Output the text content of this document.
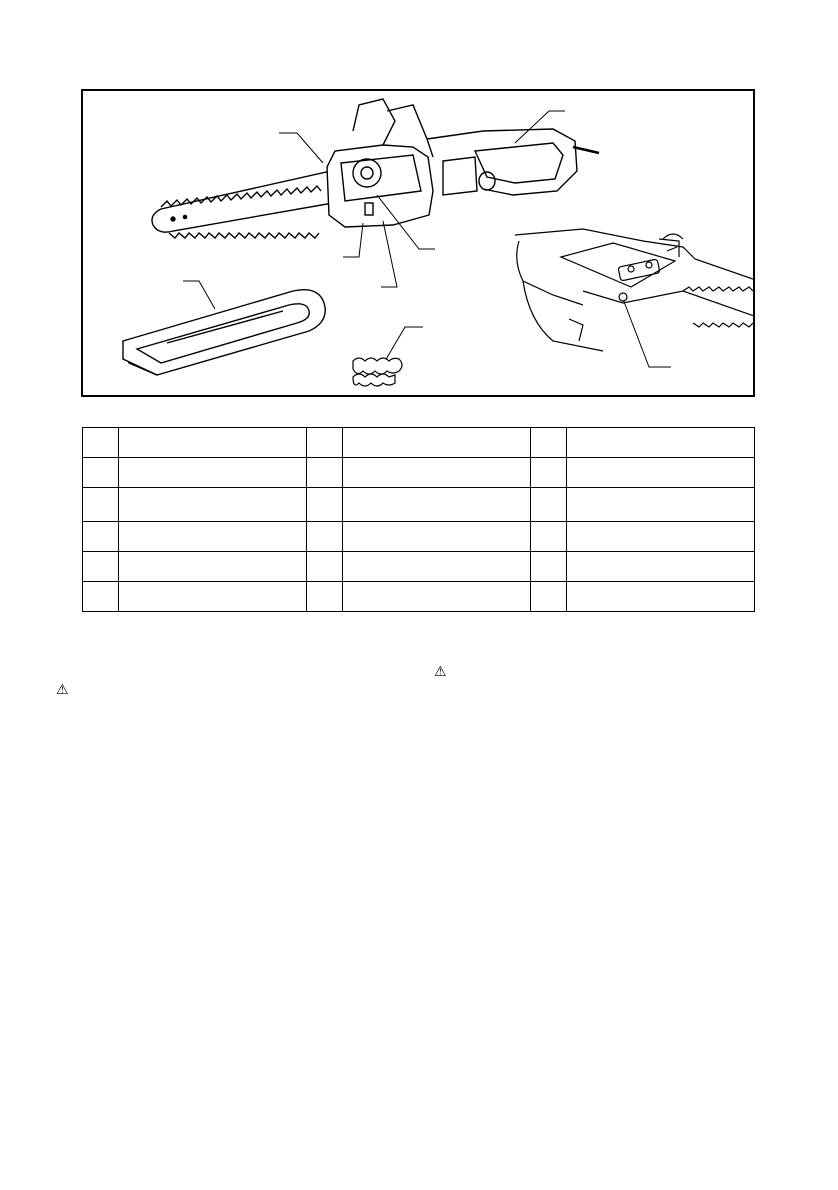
⚠
⚠
